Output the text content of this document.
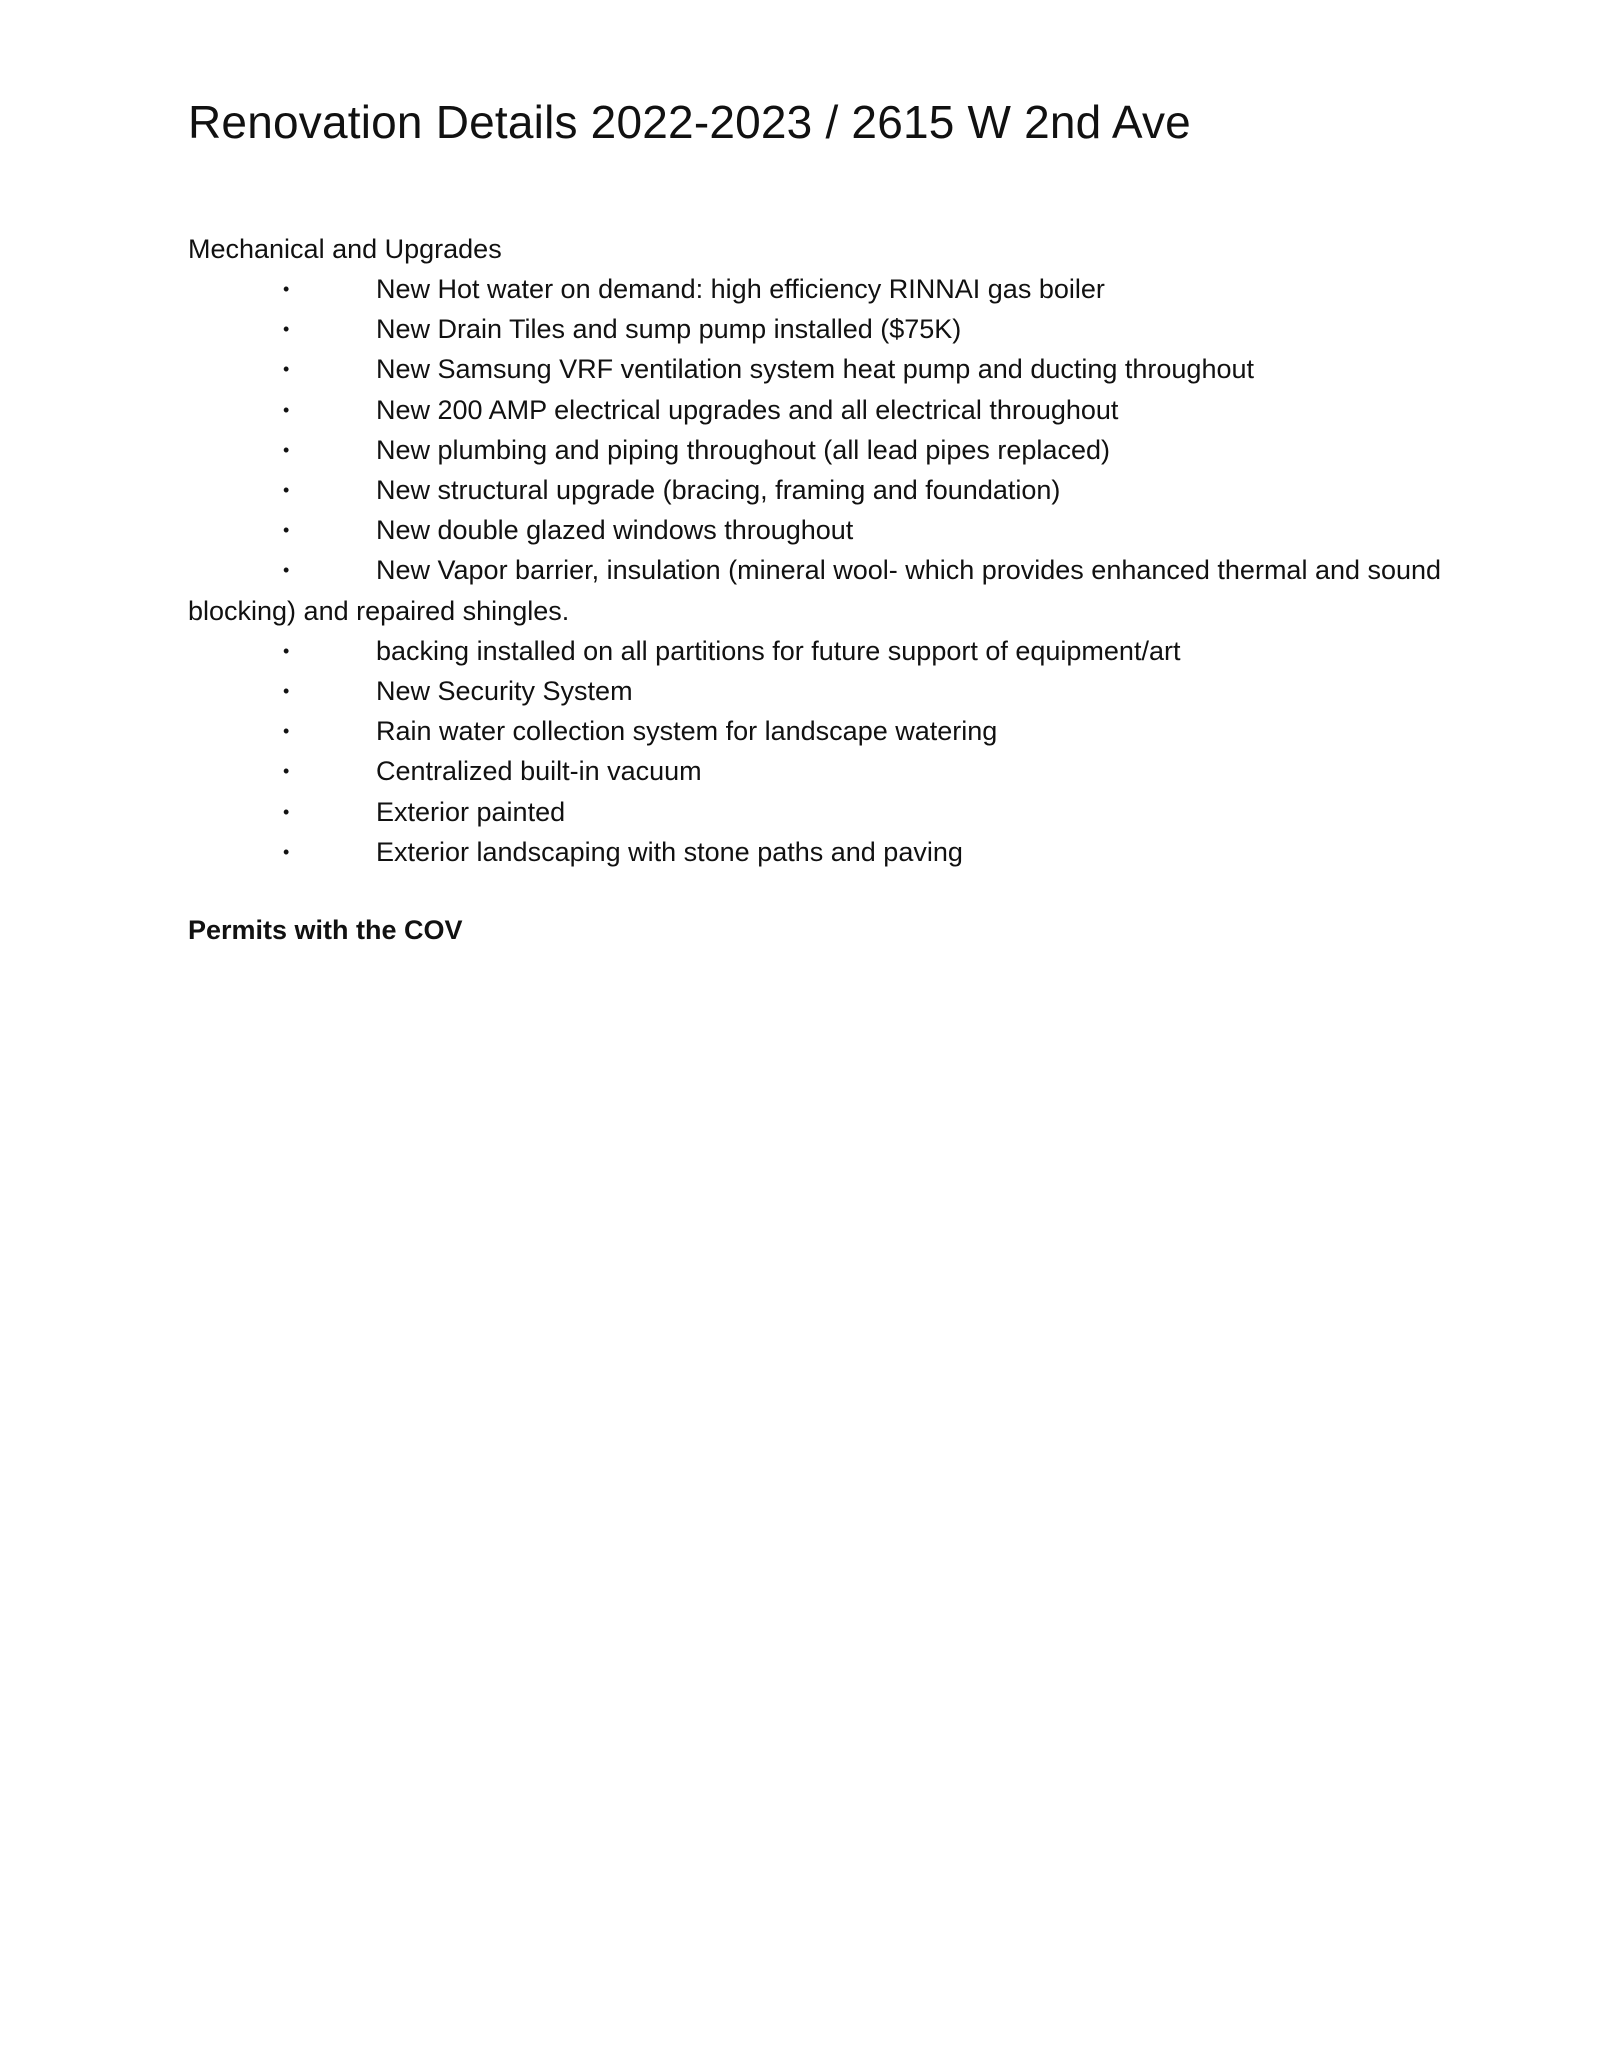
Renovation Details 2022-2023 / 2615 W 2nd Ave
Mechanical and Upgrades
•	New Hot water on demand: high efficiency RINNAI gas boiler
•	New Drain Tiles and sump pump installed ($75K)
•	New Samsung VRF ventilation system heat pump and ducting throughout
•	New 200 AMP electrical upgrades and all electrical throughout
•	New plumbing and piping throughout (all lead pipes replaced)
•	New structural upgrade (bracing, framing and foundation)
•	New double glazed windows throughout
•	New Vapor barrier, insulation (mineral wool- which provides enhanced thermal and sound blocking) and repaired shingles.
•	backing installed on all partitions for future support of equipment/art
•	New Security System
•	Rain water collection system for landscape watering
•	Centralized built-in vacuum
•	Exterior painted
•	Exterior landscaping with stone paths and paving
Permits with the COV
